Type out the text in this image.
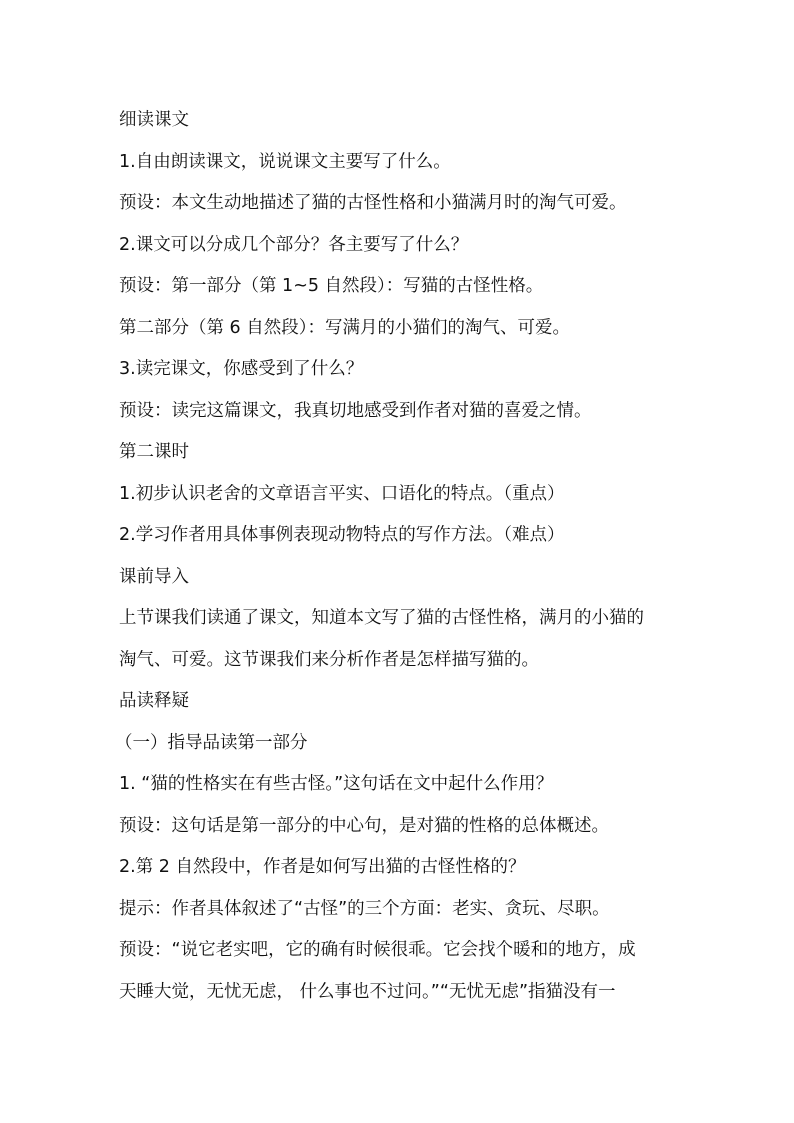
细读课文
1.自由朗读课文，说说课文主要写了什么。
预设：本文生动地描述了猫的古怪性格和小猫满月时的淘气可爱。
2.课文可以分成几个部分？各主要写了什么？
预设：第一部分（第 1~5 自然段）：写猫的古怪性格。
第二部分（第 6 自然段）：写满月的小猫们的淘气、可爱。
3.读完课文，你感受到了什么？
预设：读完这篇课文，我真切地感受到作者对猫的喜爱之情。
第二课时
1.初步认识老舍的文章语言平实、口语化的特点。（重点）
2.学习作者用具体事例表现动物特点的写作方法。（难点）
课前导入
上节课我们读通了课文，知道本文写了猫的古怪性格，满月的小猫的
淘气、可爱。这节课我们来分析作者是怎样描写猫的。
品读释疑
（一）指导品读第一部分
1. “猫的性格实在有些古怪。”这句话在文中起什么作用？
预设：这句话是第一部分的中心句，是对猫的性格的总体概述。
2.第 2 自然段中，作者是如何写出猫的古怪性格的？
提示：作者具体叙述了“古怪”的三个方面：老实、贪玩、尽职。
预设：“说它老实吧，它的确有时候很乖。它会找个暖和的地方，成
天睡大觉，无忧无虑， 什么事也不过问。”“无忧无虑”指猫没有一
